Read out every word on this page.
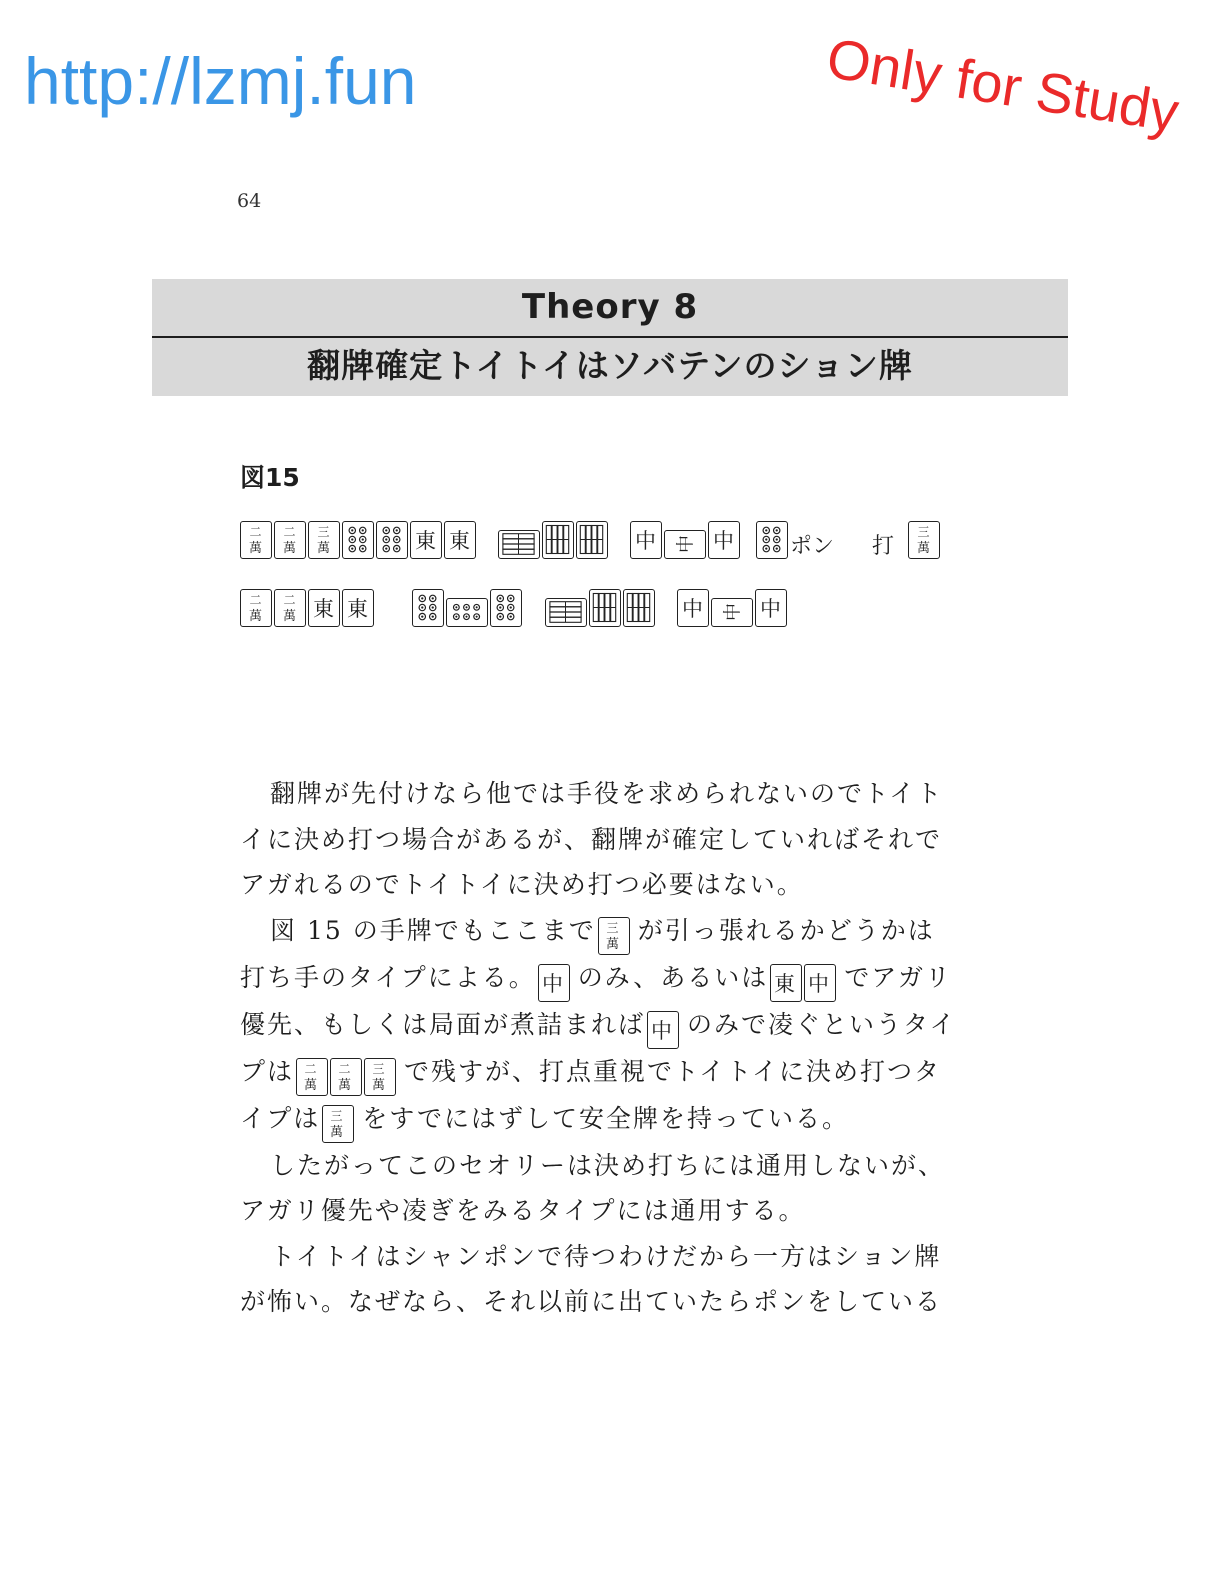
http://lzmj.fun	Only for Study
64
Theory 8
翻牌確定トイトイはソバテンのション牌
図15
二
萬
二
萬
三
萬	東 東	中 中 中	ポン 打
三
萬
二
萬
二
萬 東 東	中 中 中

翻牌が先付けなら他では手役を求められないのでトイトイに決め打つ場合があるが、翻牌が確定していればそれでアガれるのでトイトイに決め打つ必要はない。

図 15 の手牌でもここまで 三
萬 が引っ張れるかどうかは打ち手のタイプによる。 中 のみ、あるいは 東 中 でアガリ優先、もしくは局面が煮詰まれば 中 のみで凌ぐというタイプは 二
萬
二
萬
三
萬 で残すが、打点重視でトイトイに決め打つタイプは 三
萬 をすでにはずして安全牌を持っている。

したがってこのセオリーは決め打ちには通用しないが、アガリ優先や凌ぎをみるタイプには通用する。

トイトイはシャンポンで待つわけだから一方はション牌が怖い。なぜなら、それ以前に出ていたらポンをしている
